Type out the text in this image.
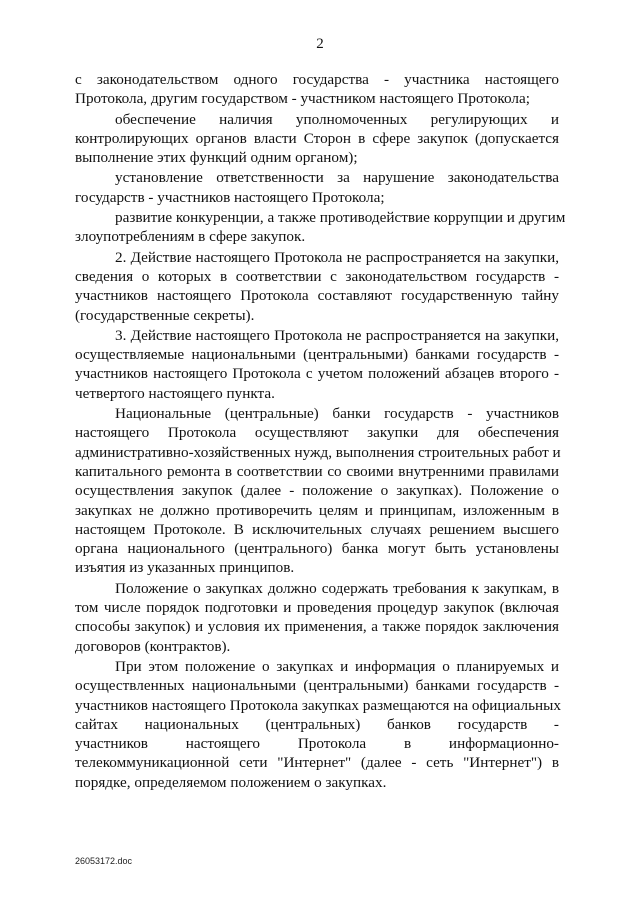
2

с законодательством одного государства - участника настоящего
Протокола, другим государством - участником настоящего Протокола;

обеспечение наличия уполномоченных регулирующих и
контролирующих органов власти Сторон в сфере закупок (допускается
выполнение этих функций одним органом);

установление ответственности за нарушение законодательства
государств - участников настоящего Протокола;

развитие конкуренции, а также противодействие коррупции и другим
злоупотреблениям в сфере закупок.

2. Действие настоящего Протокола не распространяется на закупки,
сведения о которых в соответствии с законодательством государств -
участников настоящего Протокола составляют государственную тайну
(государственные секреты).

3. Действие настоящего Протокола не распространяется на закупки,
осуществляемые национальными (центральными) банками государств -
участников настоящего Протокола с учетом положений абзацев второго -
четвертого настоящего пункта.

Национальные (центральные) банки государств - участников
настоящего Протокола осуществляют закупки для обеспечения
административно-хозяйственных нужд, выполнения строительных работ и
капитального ремонта в соответствии со своими внутренними правилами
осуществления закупок (далее - положение о закупках). Положение о
закупках не должно противоречить целям и принципам, изложенным в
настоящем Протоколе. В исключительных случаях решением высшего
органа национального (центрального) банка могут быть установлены
изъятия из указанных принципов.

Положение о закупках должно содержать требования к закупкам, в
том числе порядок подготовки и проведения процедур закупок (включая
способы закупок) и условия их применения, а также порядок заключения
договоров (контрактов).

При этом положение о закупках и информация о планируемых и
осуществленных национальными (центральными) банками государств -
участников настоящего Протокола закупках размещаются на официальных
сайтах национальных (центральных) банков государств -
участников настоящего Протокола в информационно-
телекоммуникационной сети "Интернет" (далее - сеть "Интернет") в
порядке, определяемом положением о закупках.

26053172.doc
